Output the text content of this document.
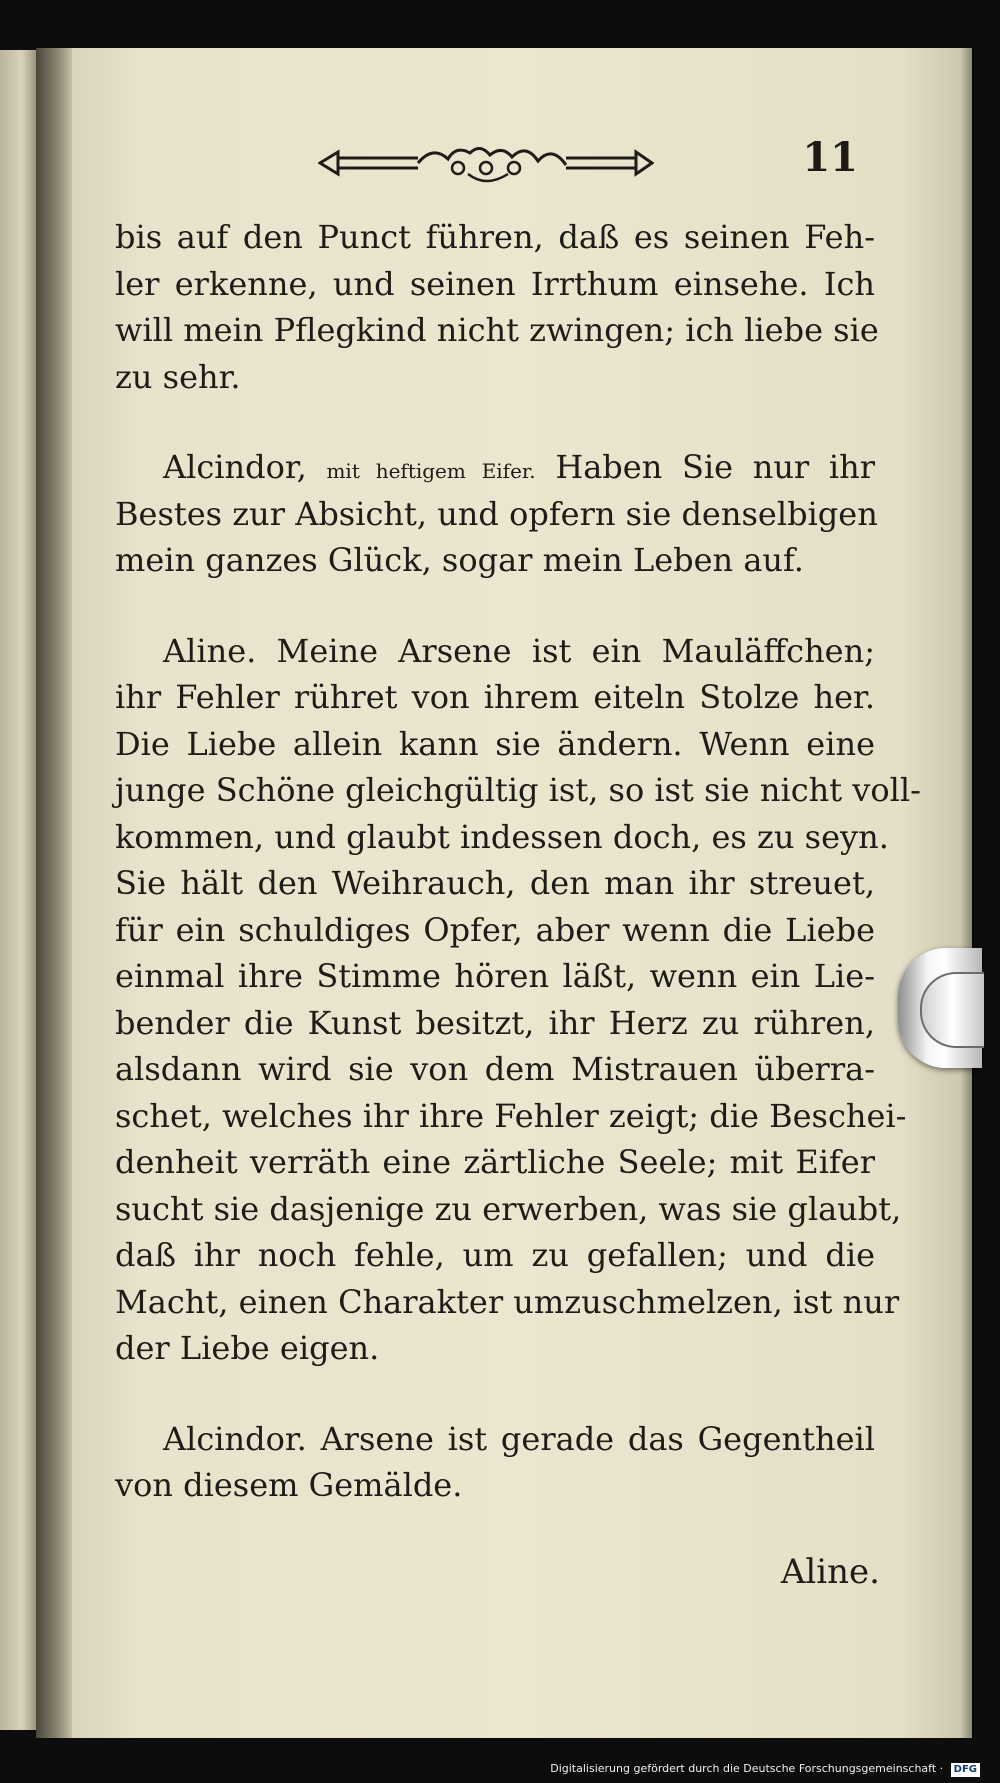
11
bis auf den Punct führen, daß es seinen Feh-
ler erkenne, und seinen Irrthum einsehe. Ich
will mein Pflegkind nicht zwingen; ich liebe sie
zu sehr.
Alcindor, mit heftigem Eifer. Haben Sie nur ihr
Bestes zur Absicht, und opfern sie denselbigen
mein ganzes Glück, sogar mein Leben auf.
Aline. Meine Arsene ist ein Mauläffchen;
ihr Fehler rühret von ihrem eiteln Stolze her.
Die Liebe allein kann sie ändern. Wenn eine
junge Schöne gleichgültig ist, so ist sie nicht voll-
kommen, und glaubt indessen doch, es zu seyn.
Sie hält den Weihrauch, den man ihr streuet,
für ein schuldiges Opfer, aber wenn die Liebe
einmal ihre Stimme hören läßt, wenn ein Lie-
bender die Kunst besitzt, ihr Herz zu rühren,
alsdann wird sie von dem Mistrauen überra-
schet, welches ihr ihre Fehler zeigt; die Beschei-
denheit verräth eine zärtliche Seele; mit Eifer
sucht sie dasjenige zu erwerben, was sie glaubt,
daß ihr noch fehle, um zu gefallen; und die
Macht, einen Charakter umzuschmelzen, ist nur
der Liebe eigen.
Alcindor. Arsene ist gerade das Gegentheil
von diesem Gemälde.
Aline.
Digitalisierung gefördert durch die Deutsche Forschungsgemeinschaft · DFG
